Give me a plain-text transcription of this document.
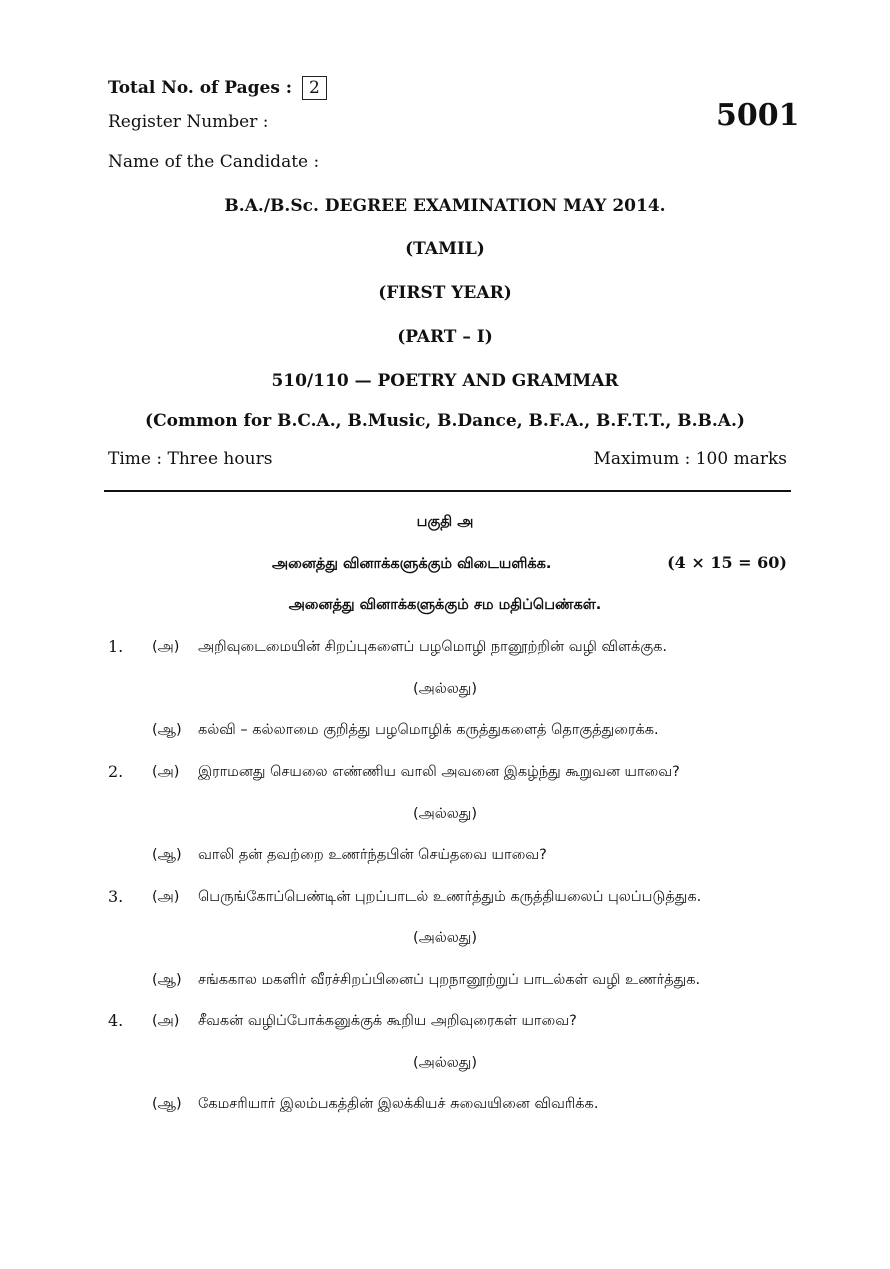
Total No. of Pages : 2
Register Number :	5001
Name of the Candidate :
B.A./B.Sc. DEGREE EXAMINATION MAY 2014.
(TAMIL)
(FIRST YEAR)
(PART – I)
510/110 — POETRY AND GRAMMAR
(Common for B.C.A., B.Music, B.Dance, B.F.A., B.F.T.T., B.B.A.)
Time : Three hours	Maximum : 100 marks
பகுதி அ
அனைத்து வினாக்களுக்கும் விடையளிக்க.	(4 × 15 = 60)
அனைத்து வினாக்களுக்கும் சம மதிப்பெண்கள்.
1. (அ) அறிவுடைமையின் சிறப்புகளைப் பழமொழி நானூற்றின் வழி விளக்குக.
(அல்லது)
(ஆ) கல்வி – கல்லாமை குறித்து பழமொழிக் கருத்துகளைத் தொகுத்துரைக்க.
2. (அ) இராமனது செயலை எண்ணிய வாலி அவனை இகழ்ந்து கூறுவன யாவை?
(அல்லது)
(ஆ) வாலி தன் தவற்றை உணர்ந்தபின் செய்தவை யாவை?
3. (அ) பெருங்கோப்பெண்டின் புறப்பாடல் உணர்த்தும் கருத்தியலைப் புலப்படுத்துக.
(அல்லது)
(ஆ) சங்ககால மகளிர் வீரச்சிறப்பினைப் புறநானூற்றுப் பாடல்கள் வழி உணர்த்துக.
4. (அ) சீவகன் வழிப்போக்கனுக்குக் கூறிய அறிவுரைகள் யாவை?
(அல்லது)
(ஆ) கேமசரியார் இலம்பகத்தின் இலக்கியச் சுவையினை விவரிக்க.
